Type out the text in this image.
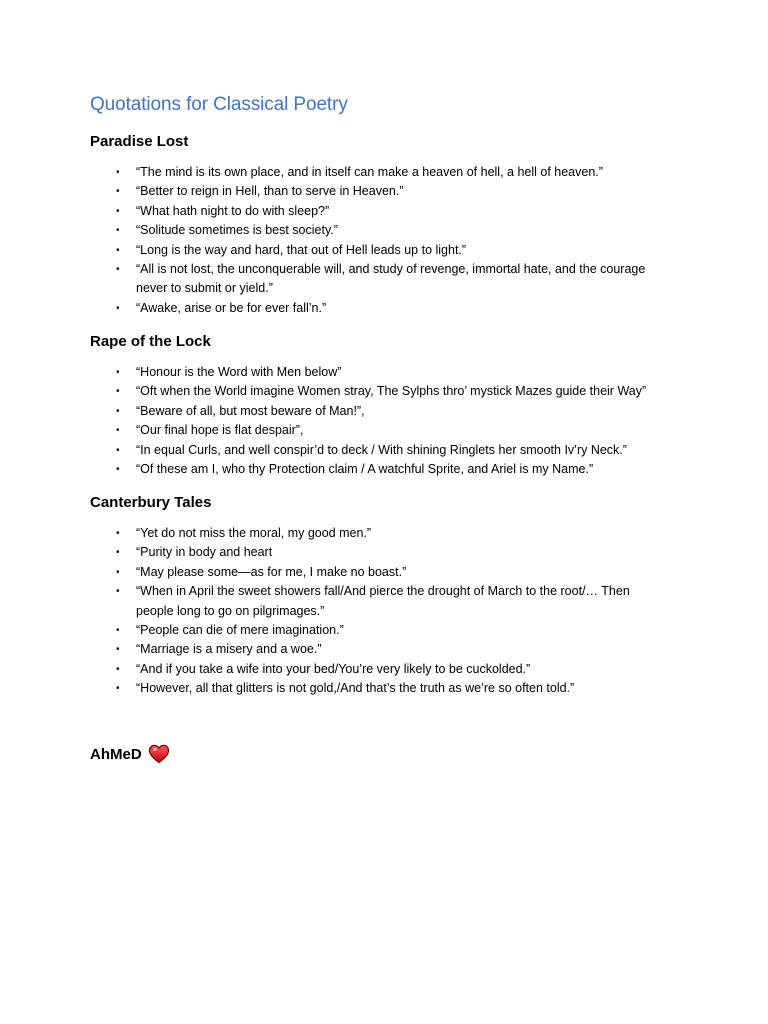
Quotations for Classical Poetry
Paradise Lost
• “The mind is its own place, and in itself can make a heaven of hell, a hell of heaven.”
• “Better to reign in Hell, than to serve in Heaven.”
• “What hath night to do with sleep?”
• “Solitude sometimes is best society.”
• “Long is the way and hard, that out of Hell leads up to light.”
• “All is not lost, the unconquerable will, and study of revenge, immortal hate, and the courage never to submit or yield.”
• “Awake, arise or be for ever fall’n.”
Rape of the Lock
• “Honour is the Word with Men below”
• “Oft when the World imagine Women stray, The Sylphs thro’ mystick Mazes guide their Way”
• “Beware of all, but most beware of Man!”,
• “Our final hope is flat despair”,
• “In equal Curls, and well conspir’d to deck / With shining Ringlets her smooth Iv’ry Neck.”
• “Of these am I, who thy Protection claim / A watchful Sprite, and Ariel is my Name.”
Canterbury Tales
• “Yet do not miss the moral, my good men.”
• “Purity in body and heart
• “May please some—as for me, I make no boast.”
• “When in April the sweet showers fall/And pierce the drought of March to the root/… Then people long to go on pilgrimages.”
• “People can die of mere imagination.”
• “Marriage is a misery and a woe.”
• “And if you take a wife into your bed/You’re very likely to be cuckolded.”
• “However, all that glitters is not gold,/And that’s the truth as we’re so often told.”
AhMeD
